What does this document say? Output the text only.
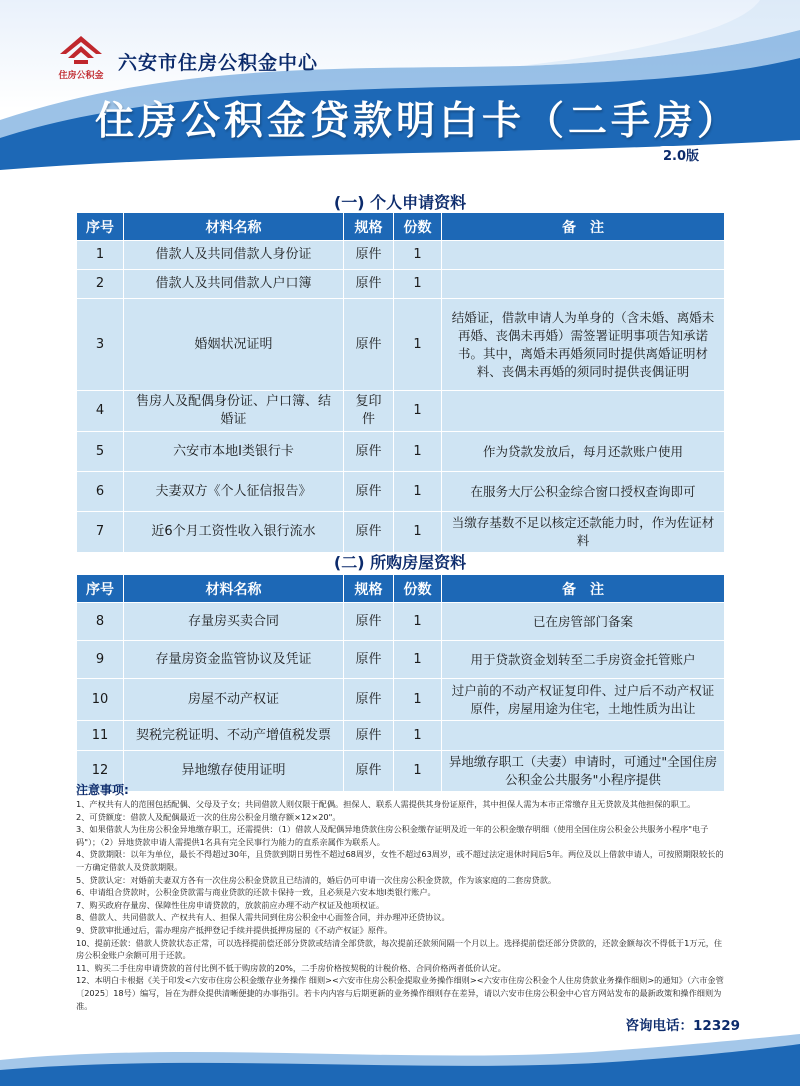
住房公积金
六安市住房公积金中心
住房公积金贷款明白卡（二手房）
2.0版
(一) 个人申请资料
序号	材料名称	规格	份数	备　注
1	借款人及共同借款人身份证	原件	1	
2	借款人及共同借款人户口簿	原件	1	
3	婚姻状况证明	原件	1	结婚证，借款申请人为单身的（含未婚、离婚未再婚、丧偶未再婚）需签署证明事项告知承诺书。其中，离婚未再婚须同时提供离婚证明材料、丧偶未再婚的须同时提供丧偶证明
4	售房人及配偶身份证、户口簿、结婚证	复印件	1	
5	六安市本地Ⅰ类银行卡	原件	1	作为贷款发放后，每月还款账户使用
6	夫妻双方《个人征信报告》	原件	1	在服务大厅公积金综合窗口授权查询即可
7	近6个月工资性收入银行流水	原件	1	当缴存基数不足以核定还款能力时，作为佐证材料
(二) 所购房屋资料
序号	材料名称	规格	份数	备　注
8	存量房买卖合同	原件	1	已在房管部门备案
9	存量房资金监管协议及凭证	原件	1	用于贷款资金划转至二手房资金托管账户
10	房屋不动产权证	原件	1	过户前的不动产权证复印件、过户后不动产权证原件，房屋用途为住宅，土地性质为出让
11	契税完税证明、不动产增值税发票	原件	1	
12	异地缴存使用证明	原件	1	异地缴存职工（夫妻）申请时，可通过"全国住房公积金公共服务"小程序提供
注意事项:
1、产权共有人的范围包括配偶、父母及子女；共同借款人则仅限于配偶。担保人、联系人需提供其身份证原件，其中担保人需为本市正常缴存且无贷款及其他担保的职工。
2、可贷额度：借款人及配偶最近一次的住房公积金月缴存额×12×20"。
3、如果借款人为住房公积金异地缴存职工，还需提供：（1）借款人及配偶异地贷款住房公积金缴存证明及近一年的公积金缴存明细（使用全国住房公积金公共服务小程序"电子码"）；（2）异地贷款申请人需提供1名具有完全民事行为能力的直系亲属作为联系人。
4、贷款期限：以年为单位，最长不得超过30年，且贷款到期日男性不超过68周岁，女性不超过63周岁，或不超过法定退休时间后5年。两位及以上借款申请人，可按照期限较长的一方确定借款人及贷款期限。
5、贷款认定：对婚前夫妻双方各有一次住房公积金贷款且已结清的，婚后仍可申请一次住房公积金贷款，作为该家庭的二套房贷款。
6、申请组合贷款时，公积金贷款需与商业贷款的还款卡保持一致，且必须是六安本地Ⅰ类银行账户。
7、购买政府存量房、保障性住房申请贷款的，放款前应办理不动产权证及他项权证。
8、借款人、共同借款人、产权共有人、担保人需共同到住房公积金中心面签合同，并办理冲还贷协议。
9、贷款审批通过后，需办理房产抵押登记手续并提供抵押房屋的《不动产权证》原件。
10、提前还款：借款人贷款状态正常，可以选择提前偿还部分贷款或结清全部贷款，每次提前还款须间隔一个月以上。选择提前偿还部分贷款的，还款金额每次不得低于1万元，住房公积金账户余额可用于还款。
11、购买二手住房申请贷款的首付比例不低于购房款的20%，二手房价格按契税的计税价格、合同价格两者低价认定。
12、本明白卡根据《关于印发<六安市住房公积金缴存业务操作 细则><六安市住房公积金提取业务操作细则><六安市住房公积金个人住房贷款业务操作细则>的通知》（六市金管〔2025〕18号）编写，旨在为群众提供清晰便捷的办事指引。若卡内内容与后期更新的业务操作细则存在差异，请以六安市住房公积金中心官方网站发布的最新政策和操作细则为准。
咨询电话：12329
